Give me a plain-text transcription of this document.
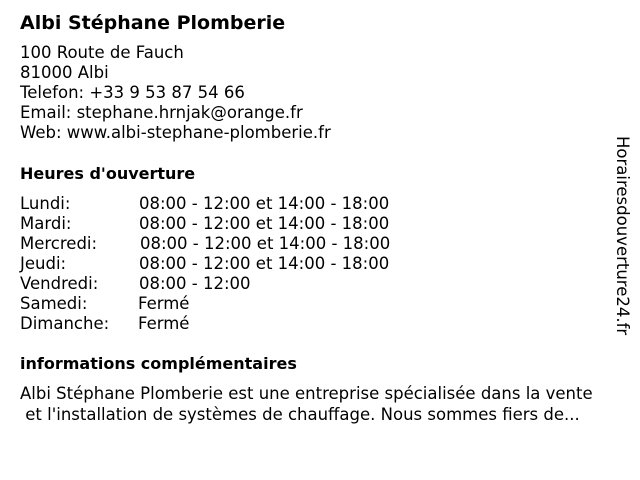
Albi Stéphane Plomberie
100 Route de Fauch
81000 Albi
Telefon: +33 9 53 87 54 66
Email: stephane.hrnjak@orange.fr
Web: www.albi-stephane-plomberie.fr
Heures d'ouverture
Lundi:	08:00 - 12:00 et 14:00 - 18:00
Mardi:	08:00 - 12:00 et 14:00 - 18:00
Mercredi:	08:00 - 12:00 et 14:00 - 18:00
Jeudi:	08:00 - 12:00 et 14:00 - 18:00
Vendredi: 08:00 - 12:00
Samedi:	Fermé
Dimanche: Fermé
informations complémentaires
Albi Stéphane Plomberie est une entreprise spécialisée dans la vente
et l'installation de systèmes de chauffage. Nous sommes fiers de...
Horairesdouverture24.fr
